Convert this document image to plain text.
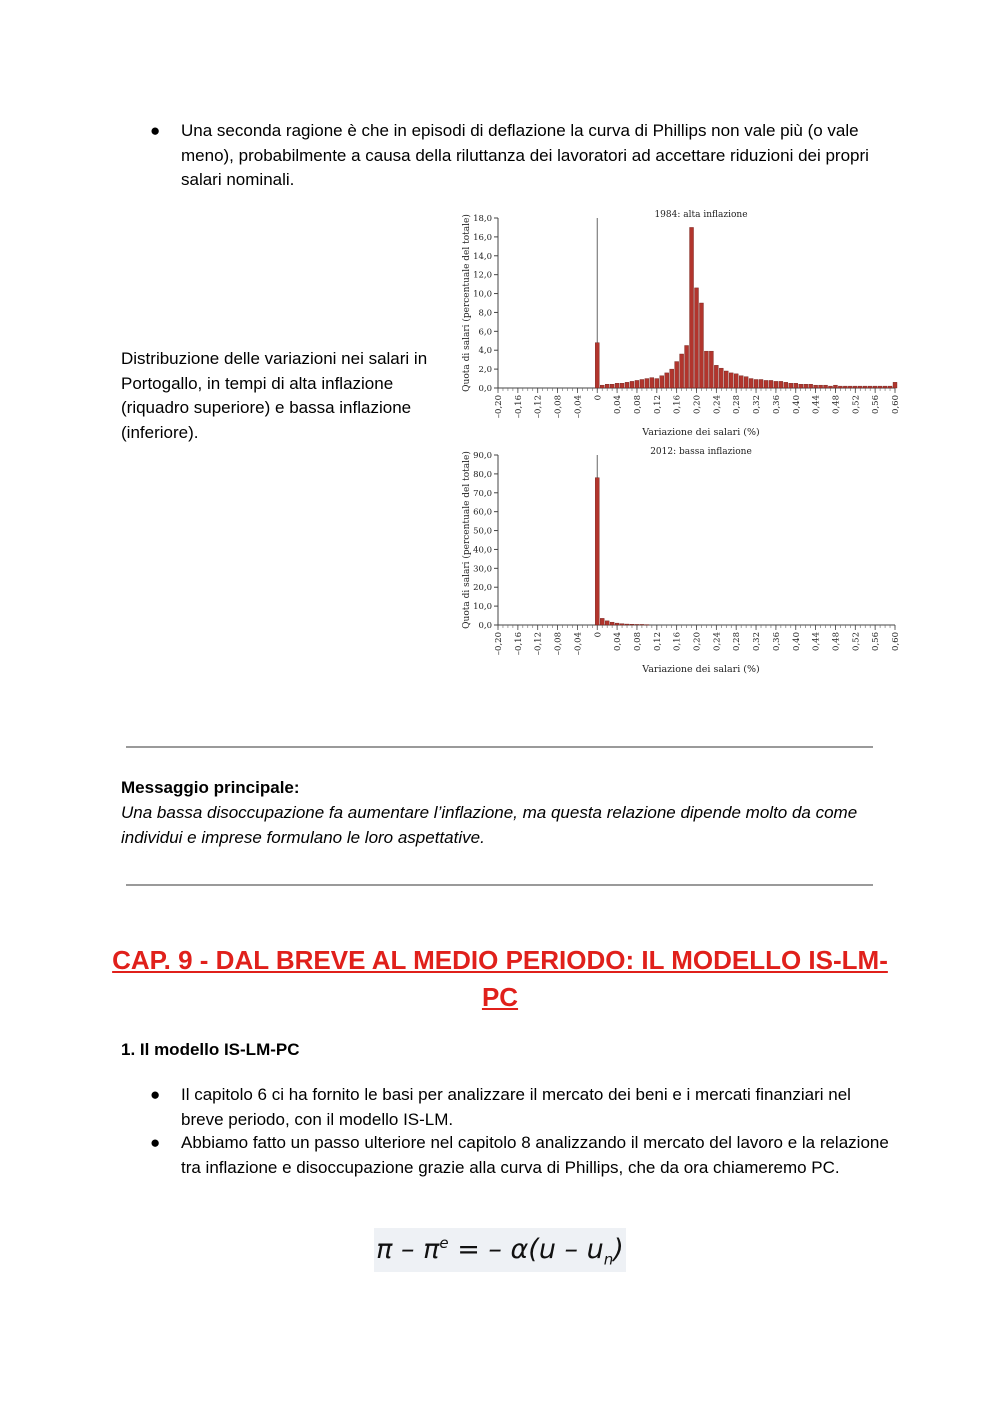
●	Una seconda ragione è che in episodi di deflazione la curva di Phillips non vale più (o vale meno), probabilmente a causa della riluttanza dei lavoratori ad accettare riduzioni dei propri salari nominali.
Distribuzione delle variazioni nei salari in Portogallo, in tempi di alta inflazione (riquadro superiore) e bassa inflazione (inferiore).
1984: alta inflazione
0,0
2,0
4,0
6,0
8,0
10,0
12,0
14,0
16,0
18,0
–0,20 –0,16 –0,12 –0,08 –0,04 0 0,04 0,08 0,12 0,16 0,20 0,24 0,28 0,32 0,36 0,40 0,44 0,48 0,52 0,56 0,60
Variazione dei salari (%)
Quota di salari (percentuale del totale)
2012: bassa inflazione
0,0
10,0
20,0
30,0
40,0
50,0
60,0
70,0
80,0
90,0
–0,20 –0,16 –0,12 –0,08 –0,04 0 0,04 0,08 0,12 0,16 0,20 0,24 0,28 0,32 0,36 0,40 0,44 0,48 0,52 0,56 0,60
Variazione dei salari (%)
Quota di salari (percentuale del totale)
Messaggio principale:
Una bassa disoccupazione fa aumentare l’inflazione, ma questa relazione dipende molto da come individui e imprese formulano le loro aspettative.
CAP. 9 - DAL BREVE AL MEDIO PERIODO: IL MODELLO IS-LM-PC
1. Il modello IS-LM-PC
●	Il capitolo 6 ci ha fornito le basi per analizzare il mercato dei beni e i mercati finanziari nel breve periodo, con il modello IS-LM.
●	Abbiamo fatto un passo ulteriore nel capitolo 8 analizzando il mercato del lavoro e la relazione tra inflazione e disoccupazione grazie alla curva di Phillips, che da ora chiameremo PC.
π – $\pi^e$ = – $\alpha(u - u_n)$
